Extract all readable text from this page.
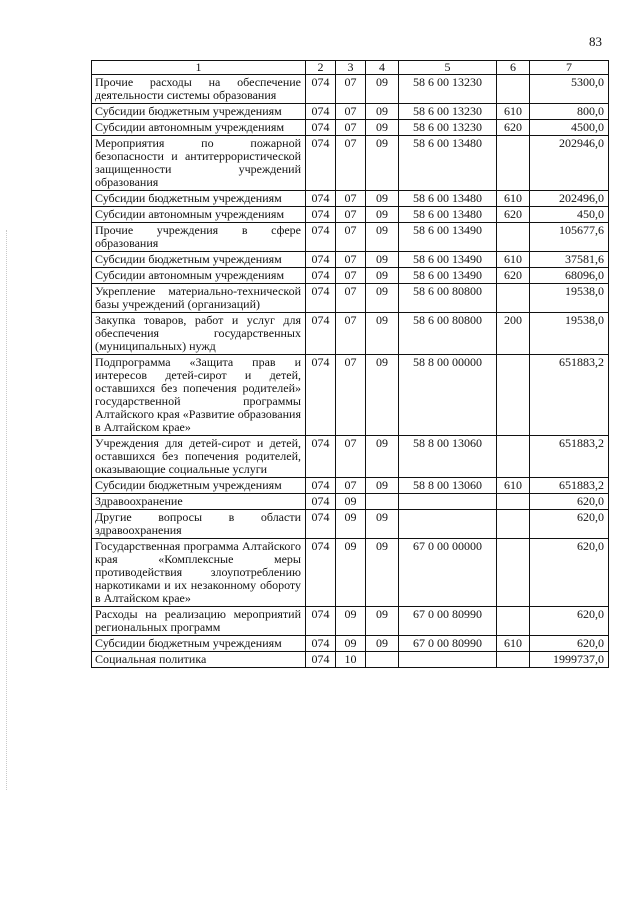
83
1	2	3	4	5	6	7
Прочие расходы на обеспечение деятельности системы образования	074	07	09	58 6 00 13230		5300,0
Субсидии бюджетным учреждениям	074	07	09	58 6 00 13230	610	800,0
Субсидии автономным учреждениям	074	07	09	58 6 00 13230	620	4500,0
Мероприятия по пожарной безопасности и антитеррористической защищенности учреждений образования	074	07	09	58 6 00 13480		202946,0
Субсидии бюджетным учреждениям	074	07	09	58 6 00 13480	610	202496,0
Субсидии автономным учреждениям	074	07	09	58 6 00 13480	620	450,0
Прочие учреждения в сфере образования	074	07	09	58 6 00 13490		105677,6
Субсидии бюджетным учреждениям	074	07	09	58 6 00 13490	610	37581,6
Субсидии автономным учреждениям	074	07	09	58 6 00 13490	620	68096,0
Укрепление материально-технической базы учреждений (организаций)	074	07	09	58 6 00 80800		19538,0
Закупка товаров, работ и услуг для обеспечения государственных (муниципальных) нужд	074	07	09	58 6 00 80800	200	19538,0
Подпрограмма «Защита прав и интересов детей-сирот и детей, оставшихся без попечения родителей» государственной программы Алтайского края «Развитие образования в Алтайском крае»	074	07	09	58 8 00 00000		651883,2
Учреждения для детей-сирот и детей, оставшихся без попечения родителей, оказывающие социальные услуги	074	07	09	58 8 00 13060		651883,2
Субсидии бюджетным учреждениям	074	07	09	58 8 00 13060	610	651883,2
Здравоохранение	074	09				620,0
Другие вопросы в области здравоохранения	074	09	09			620,0
Государственная программа Алтайского края «Комплексные меры противодействия злоупотреблению наркотиками и их незаконному обороту в Алтайском крае»	074	09	09	67 0 00 00000		620,0
Расходы на реализацию мероприятий региональных программ	074	09	09	67 0 00 80990		620,0
Субсидии бюджетным учреждениям	074	09	09	67 0 00 80990	610	620,0
Социальная политика	074	10				1999737,0
